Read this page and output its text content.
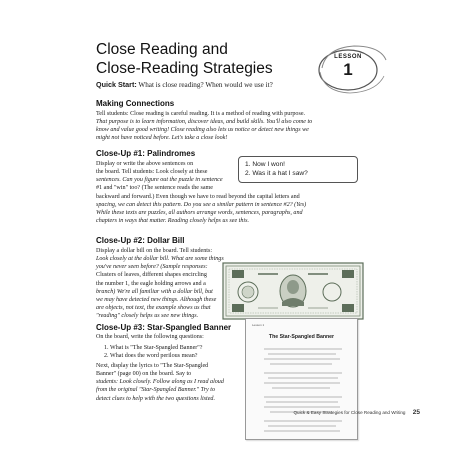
Close Reading and
Close-Reading Strategies
LESSON
1
Quick Start: What is close reading? When would we use it?
Making Connections
Tell students: Close reading is careful reading. It is a method of reading with purpose.
That purpose is to learn information, discover ideas, and build skills. You'll also come to
know and value good writing! Close reading also lets us notice or detect new things we
might not have noticed before. Let's take a close look!
Close-Up #1: Palindromes
Display or write the above sentences on
the board. Tell students: Look closely at these
sentences. Can you figure out the puzzle in sentence
#1 and "win" too? (The sentence reads the same
backward and forward.) Even though we have to read beyond the capital letters and
spacing, we can detect this pattern. Do you see a similar pattern in sentence #2? (Yes)
While these texts are puzzles, all authors arrange words, sentences, paragraphs, and
chapters in ways that matter. Reading closely helps us see this.
1. Now I won!
2. Was it a hat I saw?
Close-Up #2: Dollar Bill
Display a dollar bill on the board. Tell students:
Look closely at the dollar bill. What are some things
you've never seen before? (Sample responses:
Clusters of leaves, different shapes encircling
the number 1, the eagle holding arrows and a
branch) We're all familiar with a dollar bill, but
we may have detected new things. Although these
are objects, not text, the example shows us that
"reading" closely helps us see new things.
Close-Up #3: Star-Spangled Banner
On the board, write the following questions:
1. What is "The Star-Spangled Banner"?
2. What does the word perilous mean?
Next, display the lyrics to "The Star-Spangled
Banner" (page 00) on the board. Say to
students: Look closely. Follow along as I read aloud
from the original "Star-Spangled Banner." Try to
detect clues to help with the two questions listed.
Lesson 1
The Star-Spangled Banner
Quick & Easy Strategies for Close Reading and Writing 25
